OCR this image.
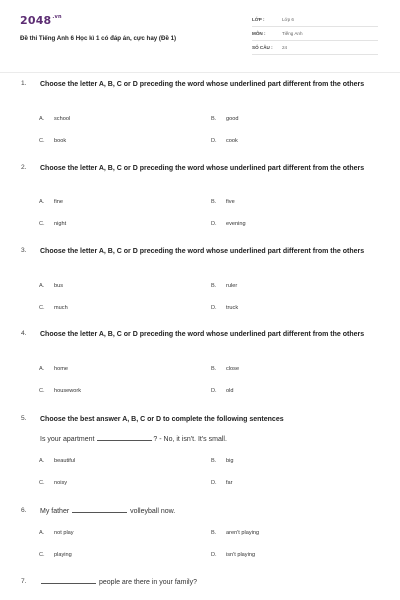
$2048^{.vn}$
Đề thi Tiếng Anh 6 Học kì 1 có đáp án, cực hay (Đề 1)
LỚP :	Lớp 6
MÔN :	Tiếng Anh
SỐ CÂU : 24
1. Choose the letter A, B, C or D preceding the word whose underlined part different from the others
A. school	B. good
C. book	D. cook
2. Choose the letter A, B, C or D preceding the word whose underlined part different from the others
A. fine	B. five
C. night	D. evening
3. Choose the letter A, B, C or D preceding the word whose underlined part different from the others
A. bus	B. ruler
C. much	D. truck
4. Choose the letter A, B, C or D preceding the word whose underlined part different from the others
A. home	B. close
C. housework	D. old
5. Choose the best answer A, B, C or D to complete the following sentences
Is your apartment	? - No, it isn't. It's small.
A. beautiful	B. big
C. noisy	D. far
6. My father	volleyball now.
A. not play	B. aren't playing
C. playing	D. isn't playing
7.	people are there in your family?
